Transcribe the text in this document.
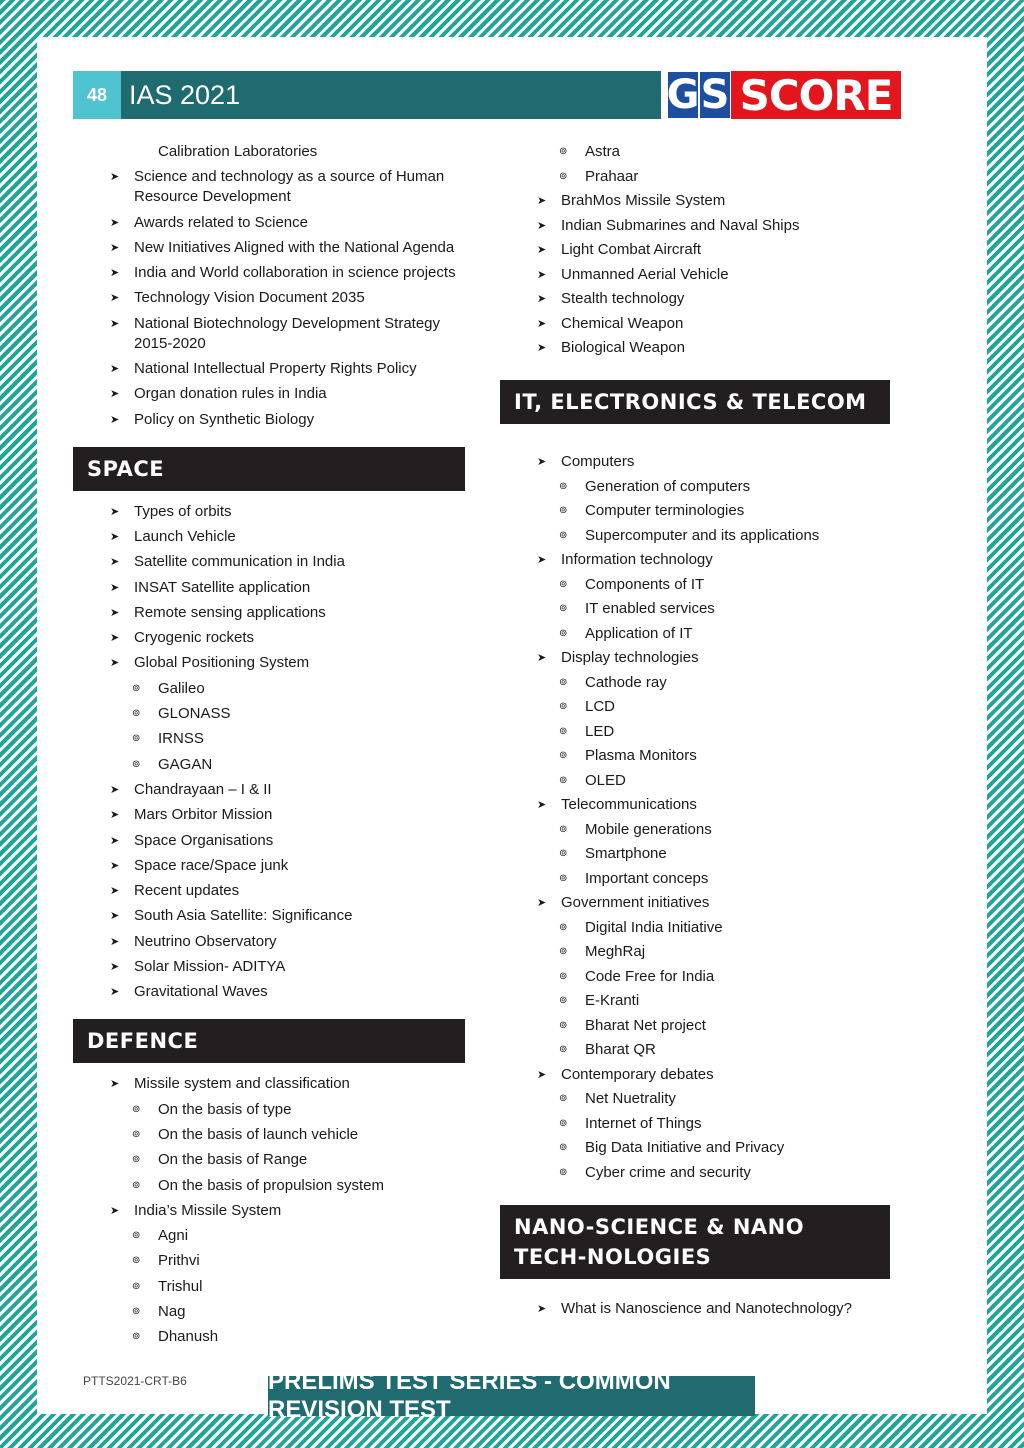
48 IAS 2021	G S SCORE
Calibration Laboratories
➤ Science and technology as a source of Human Resource Development
➤ Awards related to Science
➤ New Initiatives Aligned with the National Agenda
➤ India and World collaboration in science projects
➤ Technology Vision Document 2035
➤ National Biotechnology Development Strategy 2015-2020
➤ National Intellectual Property Rights Policy
➤ Organ donation rules in India
➤ Policy on Synthetic Biology
SPACE
➤ Types of orbits
➤ Launch Vehicle
➤ Satellite communication in India
➤ INSAT Satellite application
➤ Remote sensing applications
➤ Cryogenic rockets
➤ Global Positioning System
⊚ Galileo
⊚ GLONASS
⊚ IRNSS
⊚ GAGAN
➤ Chandrayaan – I & II
➤ Mars Orbitor Mission
➤ Space Organisations
➤ Space race/Space junk
➤ Recent updates
➤ South Asia Satellite: Significance
➤ Neutrino Observatory
➤ Solar Mission- ADITYA
➤ Gravitational Waves
DEFENCE
➤ Missile system and classification
⊚ On the basis of type
⊚ On the basis of launch vehicle
⊚ On the basis of Range
⊚ On the basis of propulsion system
➤ India’s Missile System
⊚ Agni
⊚ Prithvi
⊚ Trishul
⊚ Nag
⊚ Dhanush
⊚ Astra
⊚ Prahaar
➤ BrahMos Missile System
➤ Indian Submarines and Naval Ships
➤ Light Combat Aircraft
➤ Unmanned Aerial Vehicle
➤ Stealth technology
➤ Chemical Weapon
➤ Biological Weapon
IT, ELECTRONICS & TELECOM
➤ Computers
⊚ Generation of computers
⊚ Computer terminologies
⊚ Supercomputer and its applications
➤ Information technology
⊚ Components of IT
⊚ IT enabled services
⊚ Application of IT
➤ Display technologies
⊚ Cathode ray
⊚ LCD
⊚ LED
⊚ Plasma Monitors
⊚ OLED
➤ Telecommunications
⊚ Mobile generations
⊚ Smartphone
⊚ Important conceps
➤ Government initiatives
⊚ Digital India Initiative
⊚ MeghRaj
⊚ Code Free for India
⊚ E-Kranti
⊚ Bharat Net project
⊚ Bharat QR
➤ Contemporary debates
⊚ Net Nuetrality
⊚ Internet of Things
⊚ Big Data Initiative and Privacy
⊚ Cyber crime and security
NANO-SCIENCE & NANO TECH-NOLOGIES
➤ What is Nanoscience and Nanotechnology?
PTTS2021-CRT-B6	PRELIMS TEST SERIES - COMMON REVISION TEST
